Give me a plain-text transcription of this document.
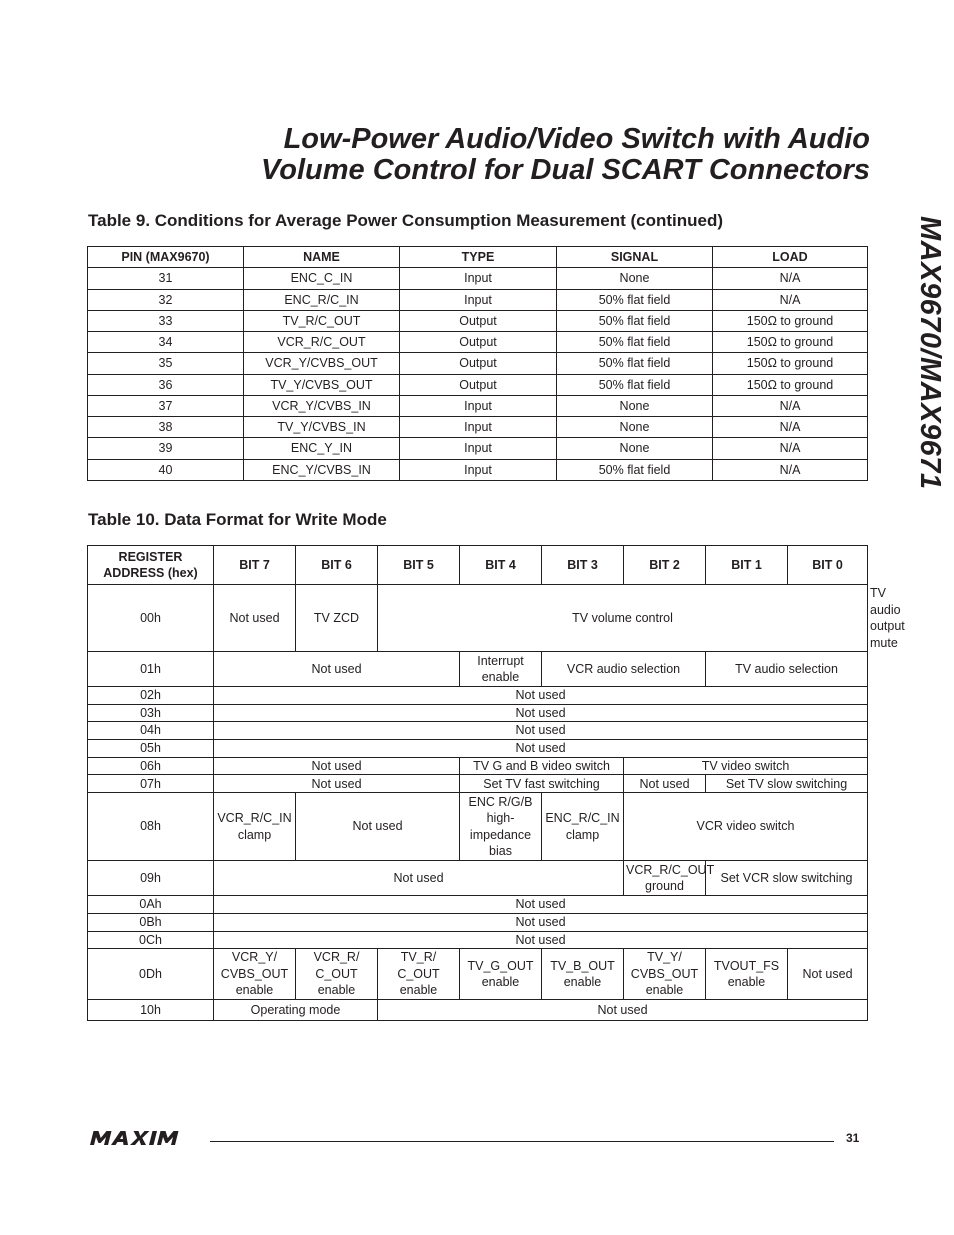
Low-Power Audio/Video Switch with Audio
Volume Control for Dual SCART Connectors
MAX9670/MAX9671
Table 9. Conditions for Average Power Consumption Measurement (continued)
PIN (MAX9670)	NAME	TYPE	SIGNAL	LOAD
31	ENC_C_IN	Input	None	N/A
32	ENC_R/C_IN	Input	50% flat field	N/A
33	TV_R/C_OUT	Output	50% flat field	150Ω to ground
34	VCR_R/C_OUT	Output	50% flat field	150Ω to ground
35	VCR_Y/CVBS_OUT	Output	50% flat field	150Ω to ground
36	TV_Y/CVBS_OUT	Output	50% flat field	150Ω to ground
37	VCR_Y/CVBS_IN	Input	None	N/A
38	TV_Y/CVBS_IN	Input	None	N/A
39	ENC_Y_IN	Input	None	N/A
40	ENC_Y/CVBS_IN	Input	50% flat field	N/A
Table 10. Data Format for Write Mode
REGISTER ADDRESS (hex)	BIT 7	BIT 6	BIT 5	BIT 4	BIT 3	BIT 2	BIT 1	BIT 0	
00h	Not used	TV ZCD	TV volume control						TV audio output mute
01h	Not used			Interrupt enable	VCR audio selection		TV audio selection		
02h	Not used								
03h	Not used								
04h	Not used								
05h	Not used								
06h	Not used			TV G and B video switch		TV video switch			
07h	Not used			Set TV fast switching		Not used	Set TV slow switching		
08h	VCR_R/C_IN clamp	Not used		ENC R/G/B high-impedance bias	ENC_R/C_IN clamp	VCR video switch			
09h	Not used					VCR_R/C_OUT ground	Set VCR slow switching		
0Ah	Not used								
0Bh	Not used								
0Ch	Not used								
0Dh	VCR_Y/ CVBS_OUT enable	VCR_R/ C_OUT enable	TV_R/ C_OUT enable	TV_G_OUT enable	TV_B_OUT enable	TV_Y/ CVBS_OUT enable	TVOUT_FS enable	Not used	
10h	Operating mode		Not used						
MAXIM
31
